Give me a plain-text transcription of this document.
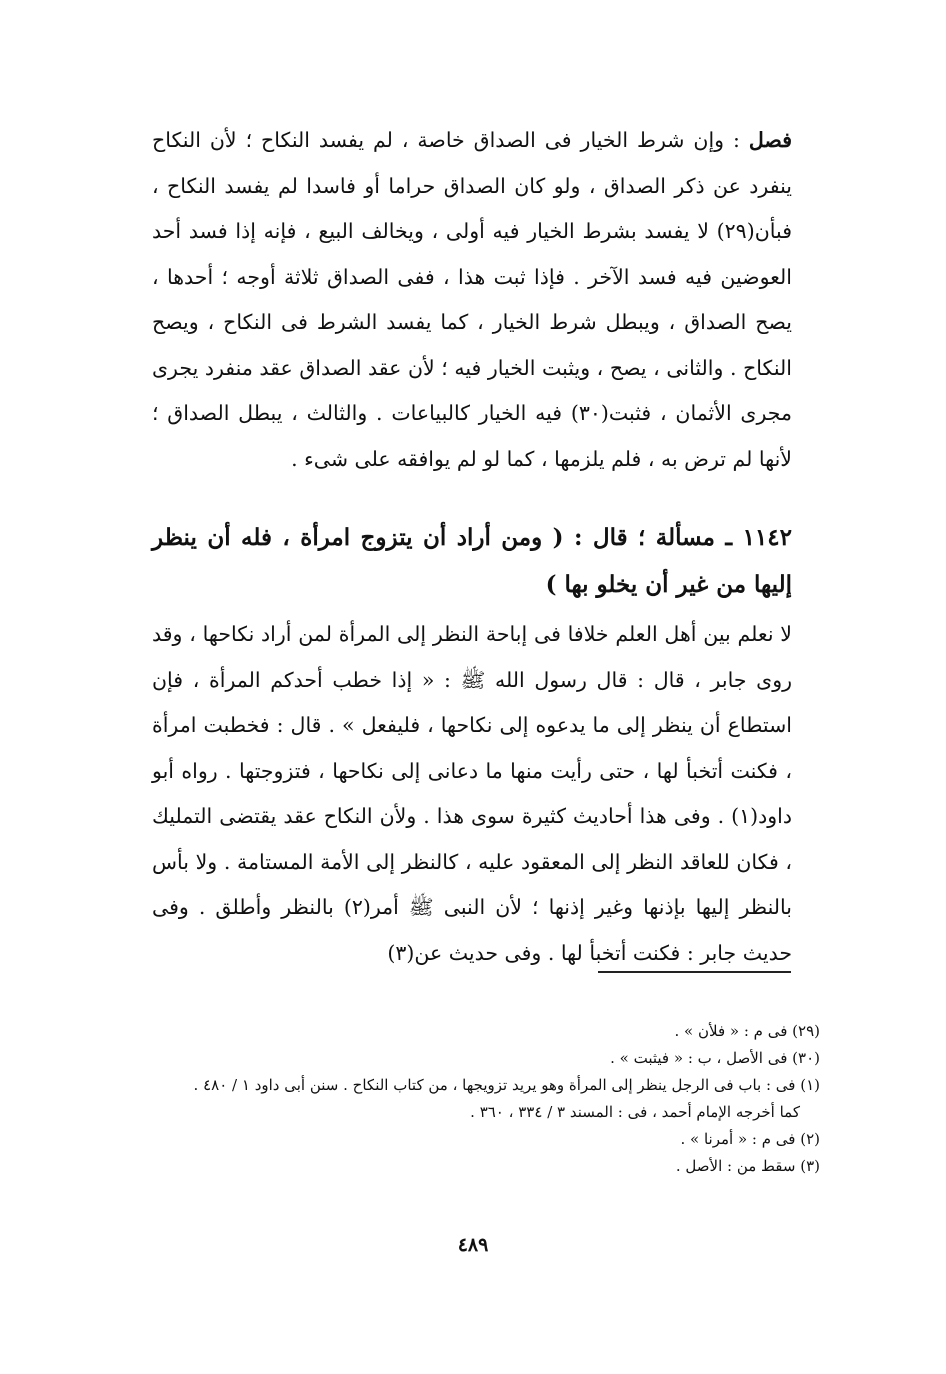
فصل : وإن شرط الخيار فى الصداق خاصة ، لم يفسد النكاح ؛ لأن النكاح ينفرد عن ذكر الصداق ، ولو كان الصداق حراما أو فاسدا لم يفسد النكاح ، فبأن(٢٩) لا يفسد بشرط الخيار فيه أولى ، ويخالف البيع ، فإنه إذا فسد أحد العوضين فيه فسد الآخر . فإذا ثبت هذا ، ففى الصداق ثلاثة أوجه ؛ أحدها ، يصح الصداق ، ويبطل شرط الخيار ، كما يفسد الشرط فى النكاح ، ويصح النكاح . والثانى ، يصح ، ويثبت الخيار فيه ؛ لأن عقد الصداق عقد منفرد يجرى مجرى الأثمان ، فثبت(٣٠) فيه الخيار كالبياعات . والثالث ، يبطل الصداق ؛ لأنها لم ترض به ، فلم يلزمها ، كما لو لم يوافقه على شىء .
١١٤٢ ـ مسألة ؛ قال : ( ومن أراد أن يتزوج امرأة ، فله أن ينظر إليها من غير أن يخلو بها )
لا نعلم بين أهل العلم خلافا فى إباحة النظر إلى المرأة لمن أراد نكاحها ، وقد روى جابر ، قال : قال رسول الله ﷺ : « إذا خطب أحدكم المرأة ، فإن استطاع أن ينظر إلى ما يدعوه إلى نكاحها ، فليفعل » . قال : فخطبت امرأة ، فكنت أتخبأ لها ، حتى رأيت منها ما دعانى إلى نكاحها ، فتزوجتها . رواه أبو داود(١) . وفى هذا أحاديث كثيرة سوى هذا . ولأن النكاح عقد يقتضى التمليك ، فكان للعاقد النظر إلى المعقود عليه ، كالنظر إلى الأمة المستامة . ولا بأس بالنظر إليها بإذنها وغير إذنها ؛ لأن النبى ﷺ أمر(٢) بالنظر وأطلق . وفى حديث جابر : فكنت أتخبأ لها . وفى حديث عن(٣)
(٢٩) فى م : « فلأن » .
(٣٠) فى الأصل ، ب : « فيثبت » .
(١) فى : باب فى الرجل ينظر إلى المرأة وهو يريد تزويجها ، من كتاب النكاح . سنن أبى داود ١ / ٤٨٠ .
كما أخرجه الإمام أحمد ، فى : المسند ٣ / ٣٣٤ ، ٣٦٠ .
(٢) فى م : « أمرنا » .
(٣) سقط من : الأصل .
٤٨٩
